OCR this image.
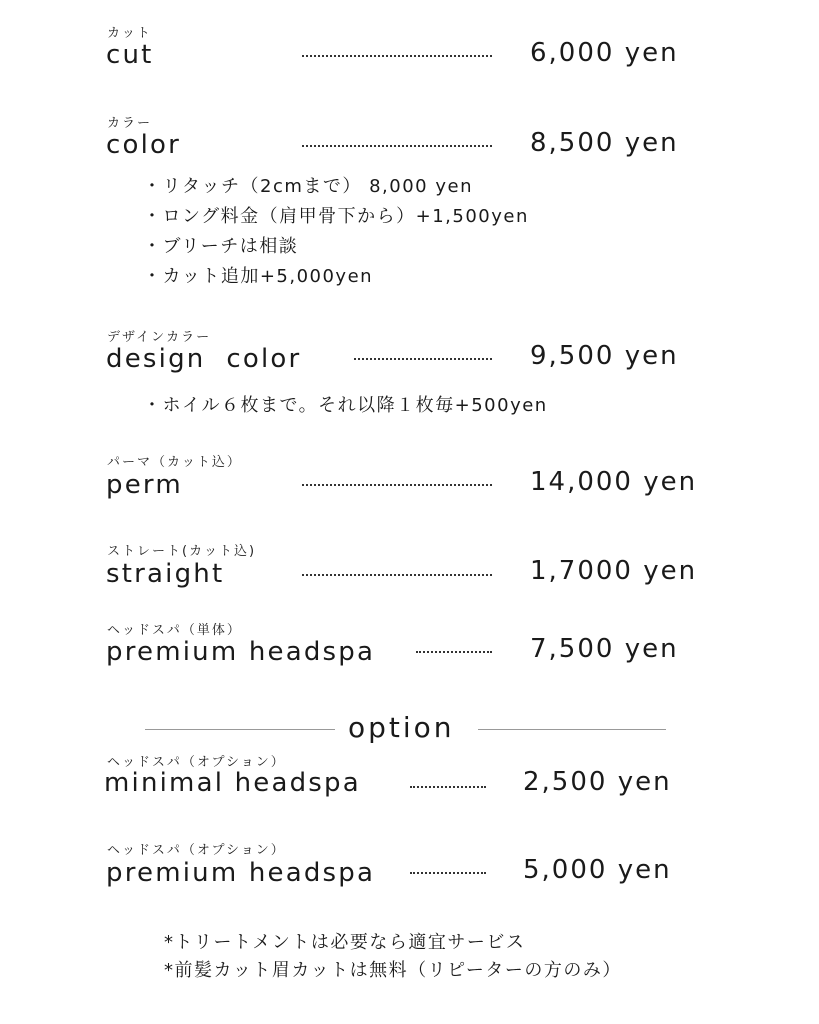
カット
cut	6,000 yen
カラー
color	8,500 yen
・リタッチ（2cmまで） 8,000 yen
・ロング料金（肩甲骨下から）+1,500yen
・ブリーチは相談
・カット追加+5,000yen
デザインカラー
design  color	9,500 yen
・ホイル６枚まで。それ以降１枚毎+500yen
パーマ（カット込）
perm	14,000 yen
ストレート(カット込)
straight	1,7000 yen
ヘッドスパ（単体）
premium headspa	7,500 yen
option
ヘッドスパ（オプション）
minimal headspa	2,500 yen
ヘッドスパ（オプション）
premium headspa	5,000 yen
*トリートメントは必要なら適宜サービス
*前髪カット眉カットは無料（リピーターの方のみ）
